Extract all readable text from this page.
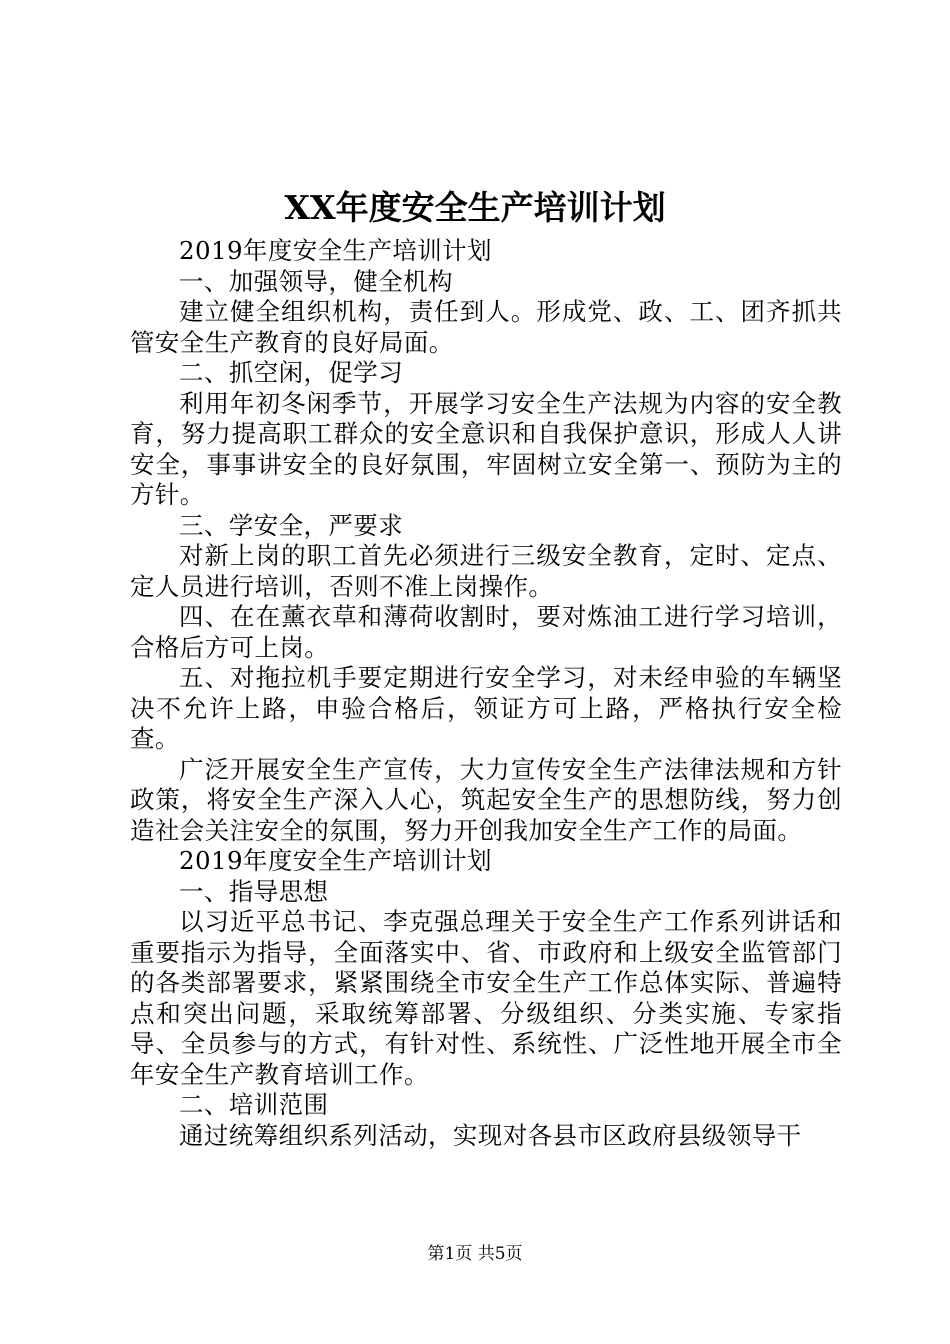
XX年度安全生产培训计划

2019年度安全生产培训计划

一、加强领导，健全机构

建立健全组织机构，责任到人。形成党、政、工、团齐抓共管安全生产教育的良好局面。

二、抓空闲，促学习

利用年初冬闲季节，开展学习安全生产法规为内容的安全教育，努力提高职工群众的安全意识和自我保护意识，形成人人讲安全，事事讲安全的良好氛围，牢固树立安全第一、预防为主的方针。

三、学安全，严要求

对新上岗的职工首先必须进行三级安全教育，定时、定点、定人员进行培训，否则不准上岗操作。

四、在在薰衣草和薄荷收割时，要对炼油工进行学习培训，合格后方可上岗。

五、对拖拉机手要定期进行安全学习，对未经申验的车辆坚决不允许上路，申验合格后，领证方可上路，严格执行安全检查。

广泛开展安全生产宣传，大力宣传安全生产法律法规和方针政策，将安全生产深入人心，筑起安全生产的思想防线，努力创造社会关注安全的氛围，努力开创我加安全生产工作的局面。

2019年度安全生产培训计划

一、指导思想

以习近平总书记、李克强总理关于安全生产工作系列讲话和重要指示为指导，全面落实中、省、市政府和上级安全监管部门的各类部署要求，紧紧围绕全市安全生产工作总体实际、普遍特点和突出问题，采取统筹部署、分级组织、分类实施、专家指导、全员参与的方式，有针对性、系统性、广泛性地开展全市全年安全生产教育培训工作。

二、培训范围

通过统筹组织系列活动，实现对各县市区政府县级领导干

第1页 共5页
